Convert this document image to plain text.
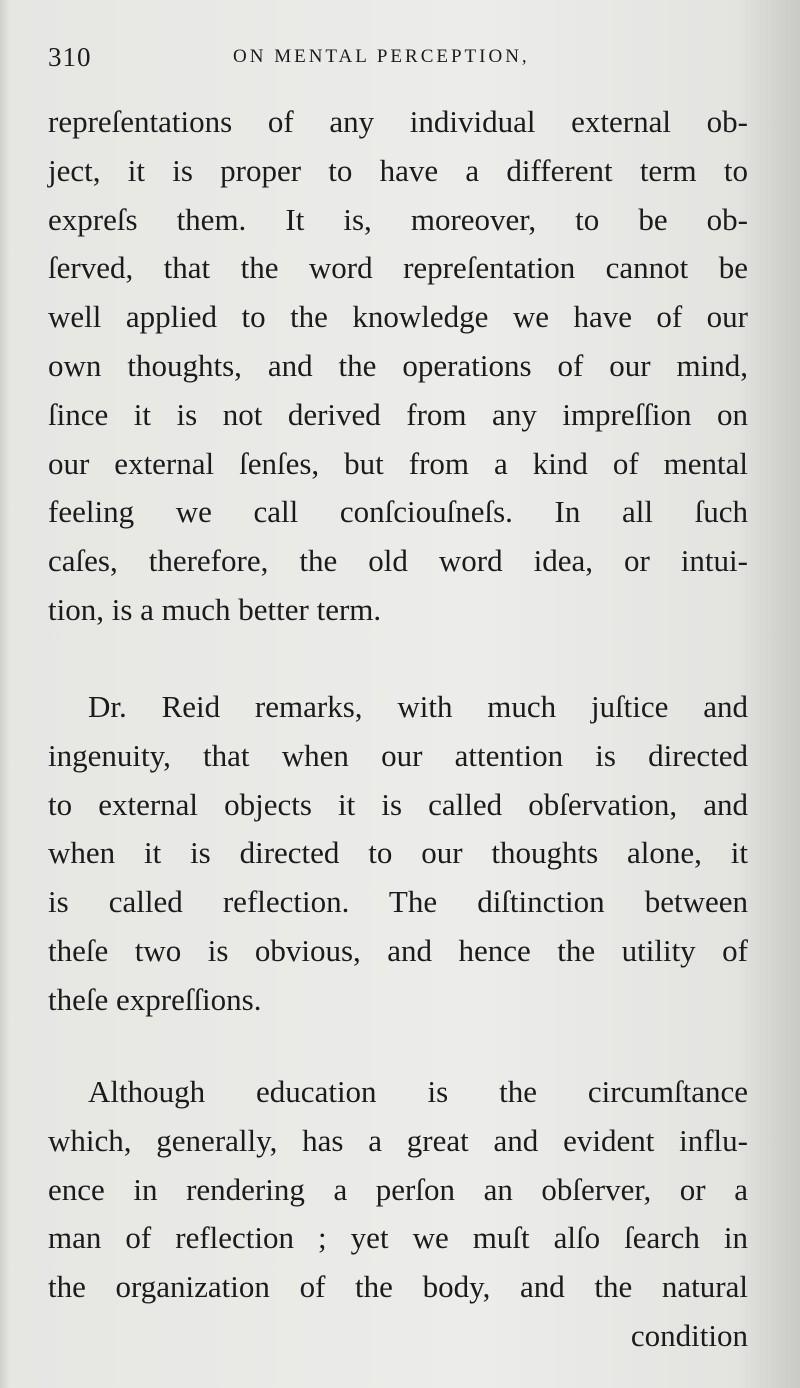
310	ON MENTAL PERCEPTION,
repreſentations of any individual external ob-
ject, it is proper to have a different term to
expreſs them. It is, moreover, to be ob-
ſerved, that the word repreſentation cannot be
well applied to the knowledge we have of our
own thoughts, and the operations of our mind,
ſince it is not derived from any impreſſion on
our external ſenſes, but from a kind of mental
feeling we call conſciouſneſs. In all ſuch
caſes, therefore, the old word idea, or intui-
tion, is a much better term.
Dr. Reid remarks, with much juſtice and
ingenuity, that when our attention is directed
to external objects it is called obſervation, and
when it is directed to our thoughts alone, it
is called reflection. The diſtinction between
theſe two is obvious, and hence the utility of
theſe expreſſions.
Although education is the circumſtance
which, generally, has a great and evident influ-
ence in rendering a perſon an obſerver, or a
man of reflection ; yet we muſt alſo ſearch in
the organization of the body, and the natural
condition
